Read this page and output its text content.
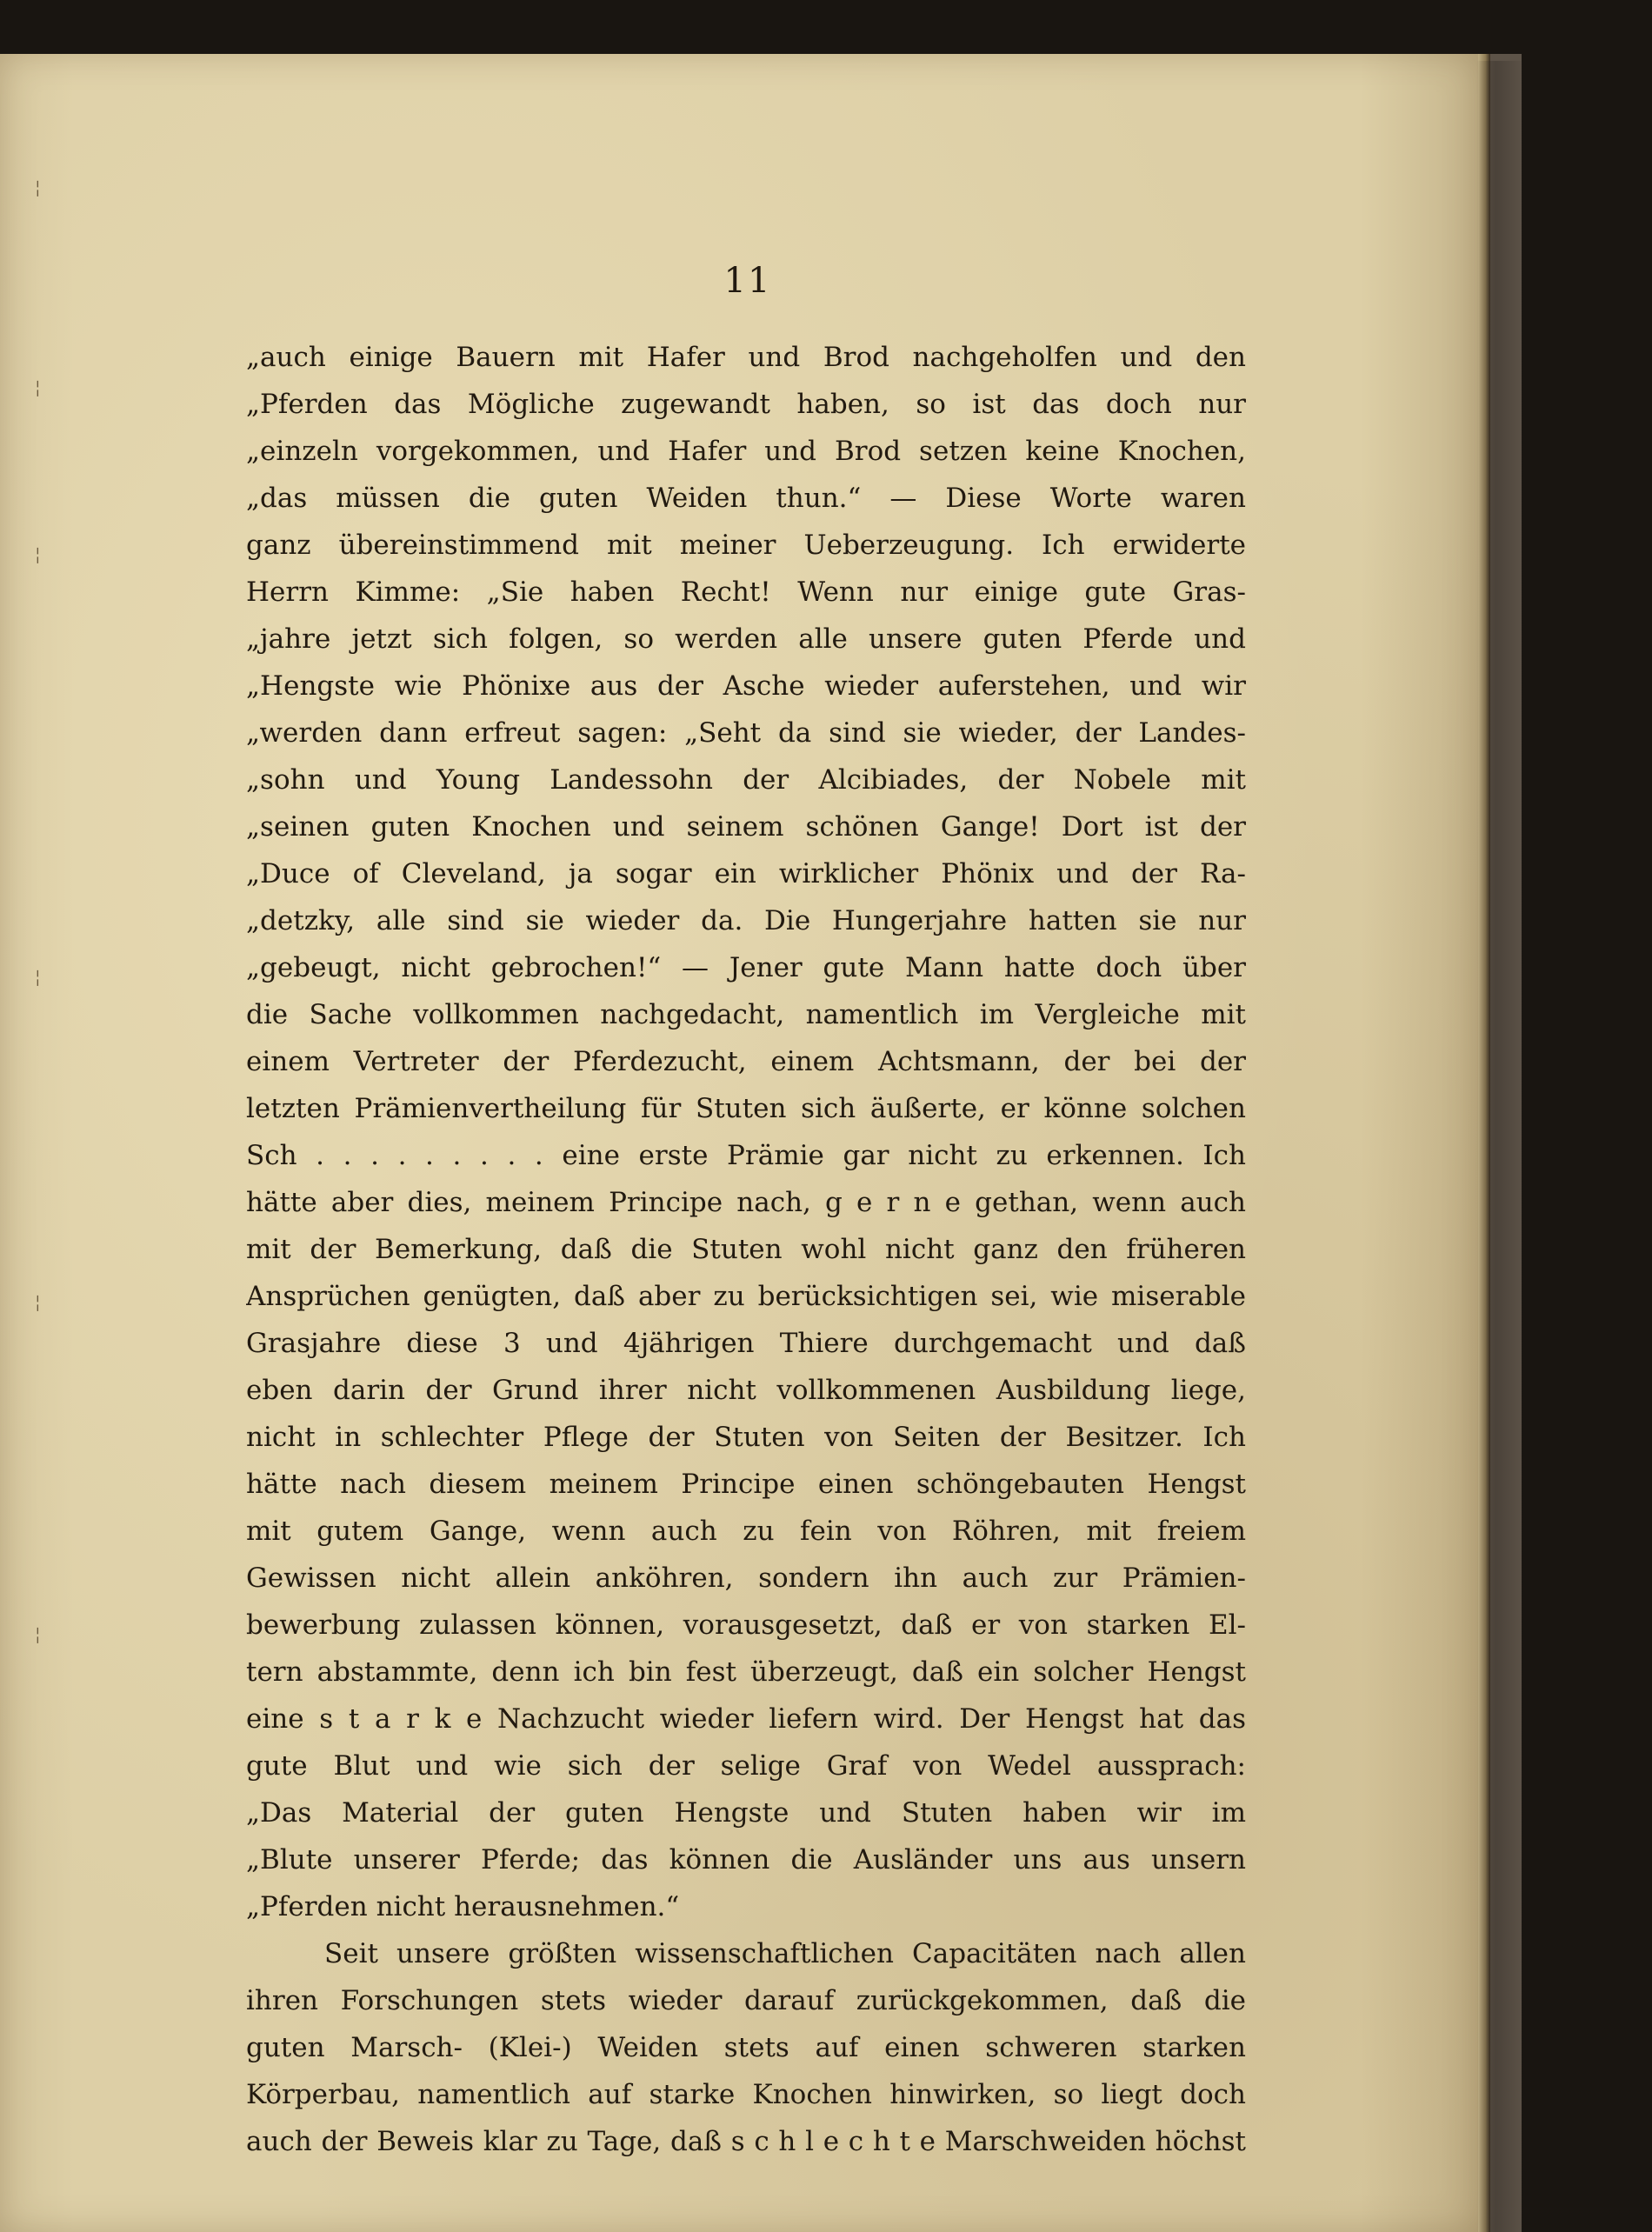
11
„auch einige Bauern mit Hafer und Brod nachgeholfen und den
„Pferden das Mögliche zugewandt haben, so ist das doch nur
„einzeln vorgekommen, und Hafer und Brod setzen keine Knochen,
„das müssen die guten Weiden thun.“ — Diese Worte waren
ganz übereinstimmend mit meiner Ueberzeugung. Ich erwiderte
Herrn Kimme: „Sie haben Recht! Wenn nur einige gute Gras-
„jahre jetzt sich folgen, so werden alle unsere guten Pferde und
„Hengste wie Phönixe aus der Asche wieder auferstehen, und wir
„werden dann erfreut sagen: „Seht da sind sie wieder, der Landes-
„sohn und Young Landessohn der Alcibiades, der Nobele mit
„seinen guten Knochen und seinem schönen Gange! Dort ist der
„Duce of Cleveland, ja sogar ein wirklicher Phönix und der Ra-
„detzky, alle sind sie wieder da. Die Hungerjahre hatten sie nur
„gebeugt, nicht gebrochen!“ — Jener gute Mann hatte doch über
die Sache vollkommen nachgedacht, namentlich im Vergleiche mit
einem Vertreter der Pferdezucht, einem Achtsmann, der bei der
letzten Prämienvertheilung für Stuten sich äußerte, er könne solchen
Sch . . . . . . . . . eine erste Prämie gar nicht zu erkennen. Ich
hätte aber dies, meinem Principe nach, g e r n e gethan, wenn auch
mit der Bemerkung, daß die Stuten wohl nicht ganz den früheren
Ansprüchen genügten, daß aber zu berücksichtigen sei, wie miserable
Grasjahre diese 3 und 4jährigen Thiere durchgemacht und daß
eben darin der Grund ihrer nicht vollkommenen Ausbildung liege,
nicht in schlechter Pflege der Stuten von Seiten der Besitzer. Ich
hätte nach diesem meinem Principe einen schöngebauten Hengst
mit gutem Gange, wenn auch zu fein von Röhren, mit freiem
Gewissen nicht allein anköhren, sondern ihn auch zur Prämien-
bewerbung zulassen können, vorausgesetzt, daß er von starken El-
tern abstammte, denn ich bin fest überzeugt, daß ein solcher Hengst
eine s t a r k e Nachzucht wieder liefern wird. Der Hengst hat das
gute Blut und wie sich der selige Graf von Wedel aussprach:
„Das Material der guten Hengste und Stuten haben wir im
„Blute unserer Pferde; das können die Ausländer uns aus unsern
„Pferden nicht herausnehmen.“
Seit unsere größten wissenschaftlichen Capacitäten nach allen
ihren Forschungen stets wieder darauf zurückgekommen, daß die
guten Marsch- (Klei-) Weiden stets auf einen schweren starken
Körperbau, namentlich auf starke Knochen hinwirken, so liegt doch
auch der Beweis klar zu Tage, daß s c h l e c h t e Marschweiden höchst
╎
╎
╎
╎
╎
╎
